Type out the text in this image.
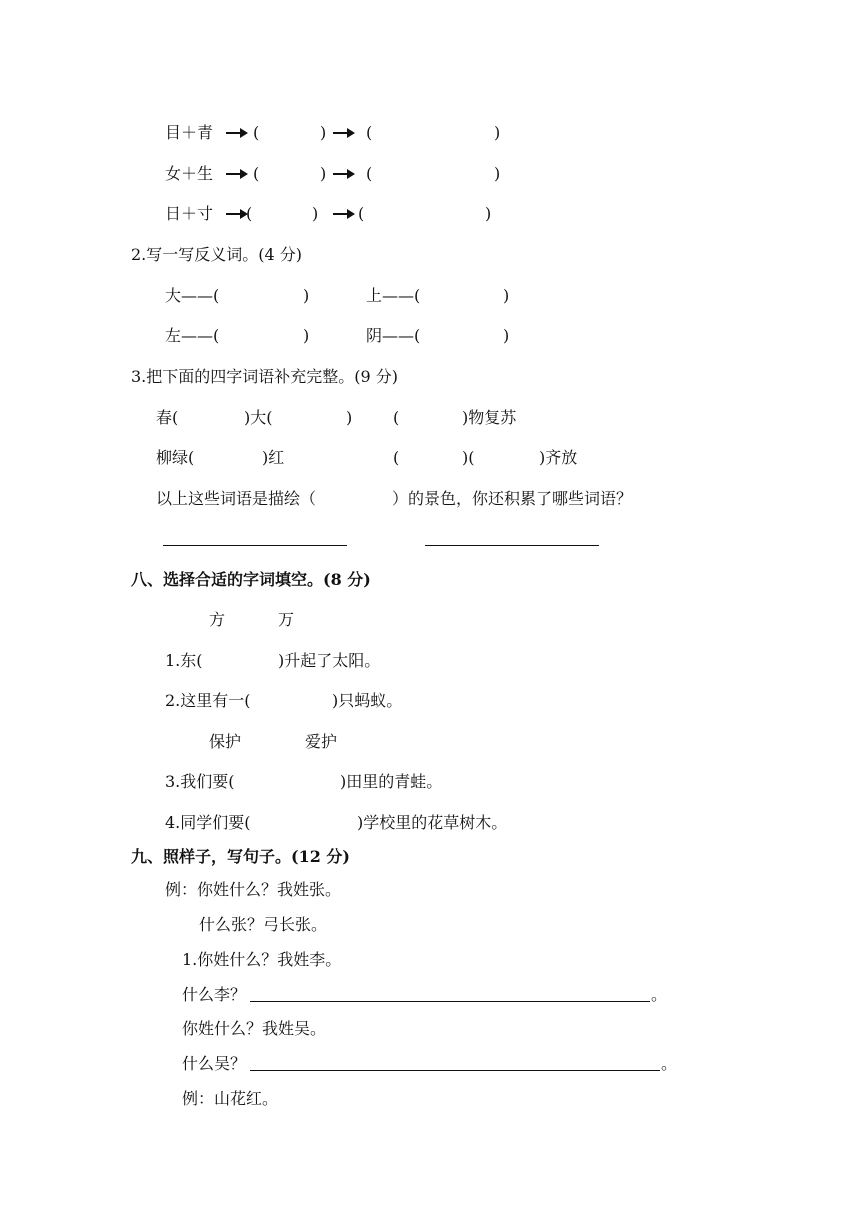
目＋青 (	) (	)
女＋生 (	) (	)
日＋寸 (	) (	)
2.写一写反义词。(4 分)
大——(	)	上——(	)
左——(	)	阴——(	)
3.把下面的四字词语补充完整。(9 分)
春(	)大(	)	(	)物复苏
柳绿(	)红	(	)(	)齐放
以上这些词语是描绘（	）的景色，你还积累了哪些词语？
八、选择合适的字词填空。(8 分)
方	万
1.东(	)升起了太阳。
2.这里有一(	)只蚂蚁。
保护	爱护
3.我们要(	)田里的青蛙。
4.同学们要(	)学校里的花草树木。
九、照样子，写句子。(12 分)
例：你姓什么？我姓张。
什么张？弓长张。
1.你姓什么？我姓李。
什么李？	。
你姓什么？我姓吴。
什么吴？	。
例：山花红。
